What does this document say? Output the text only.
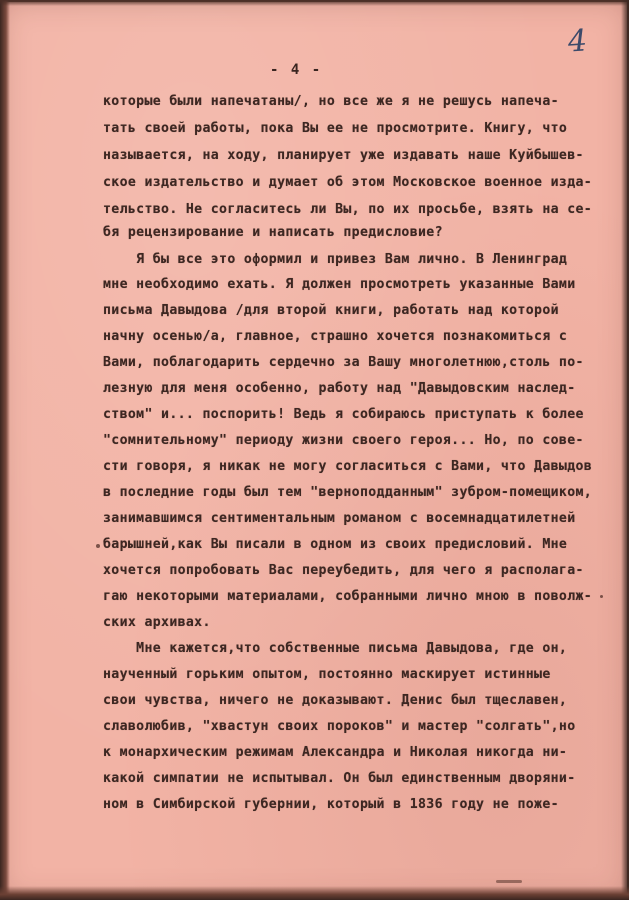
4
- 4 -
которые были напечатаны/, но все же я не решусь напеча-
тать своей работы, пока Вы ее не просмотрите. Книгу, что
называется, на ходу, планирует уже издавать наше Куйбышев-
ское издательство и думает об этом Московское военное изда-
тельство. Не согласитесь ли Вы, по их просьбе, взять на се-
бя рецензирование и написать предисловие?
Я бы все это оформил и привез Вам лично. В Ленинград
мне необходимо ехать. Я должен просмотреть указанные Вами
письма Давыдова /для второй книги, работать над которой
начну осенью/а, главное, страшно хочется познакомиться с
Вами, поблагодарить сердечно за Вашу многолетнюю,столь по-
лезную для меня особенно, работу над "Давыдовским наслед-
ством" и... поспорить! Ведь я собираюсь приступать к более
"сомнительному" периоду жизни своего героя... Но, по сове-
сти говоря, я никак не могу согласиться с Вами, что Давыдов
в последние годы был тем "верноподданным" зубром-помещиком,
занимавшимся сентиментальным романом с восемнадцатилетней
барышней,как Вы писали в одном из своих предисловий. Мне
хочется попробовать Вас переубедить, для чего я располага-
гаю некоторыми материалами, собранными лично мною в поволж-
ских архивах.
Мне кажется,что собственные письма Давыдова, где он,
наученный горьким опытом, постоянно маскирует истинные
свои чувства, ничего не доказывают. Денис был тщеславен,
славолюбив, "хвастун своих пороков" и мастер "солгать",но
к монархическим режимам Александра и Николая никогда ни-
какой симпатии не испытывал. Он был единственным дворяни-
ном в Симбирской губернии, который в 1836 году не поже-
